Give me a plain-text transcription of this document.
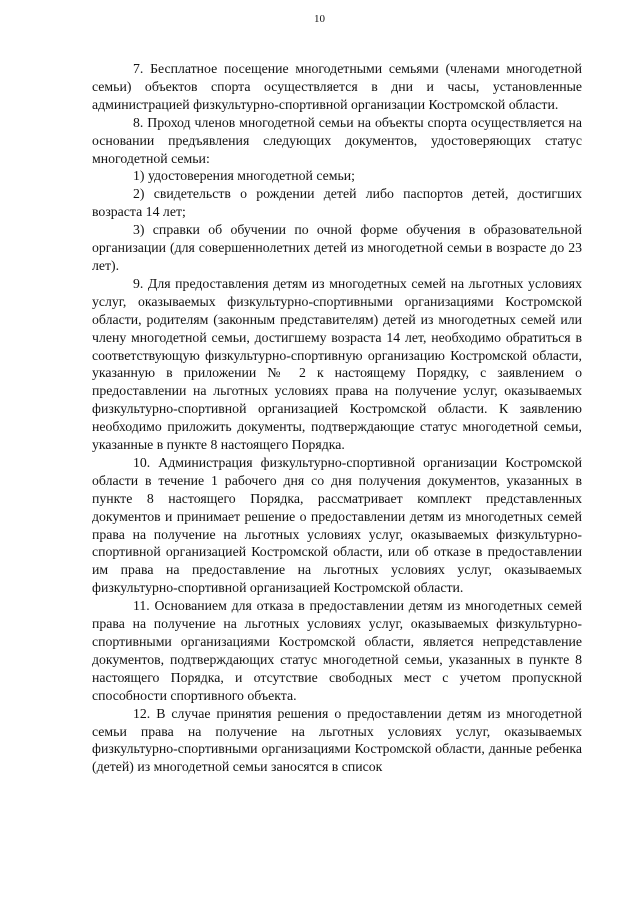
10

7. Бесплатное посещение многодетными семьями (членами многодетной семьи) объектов спорта осуществляется в дни и часы, установленные администрацией физкультурно-спортивной организации Костромской области.

8. Проход членов многодетной семьи на объекты спорта осуществляется на основании предъявления следующих документов, удостоверяющих статус многодетной семьи:

1) удостоверения многодетной семьи;

2) свидетельств о рождении детей либо паспортов детей, достигших возраста 14 лет;

3) справки об обучении по очной форме обучения в образовательной организации (для совершеннолетних детей из многодетной семьи в возрасте до 23 лет).

9. Для предоставления детям из многодетных семей на льготных условиях услуг, оказываемых физкультурно-спортивными организациями Костромской области, родителям (законным представителям) детей из многодетных семей или члену многодетной семьи, достигшему возраста 14 лет, необходимо обратиться в соответствующую физкультурно-спортивную организацию Костромской области, указанную в приложении № 2 к настоящему Порядку, с заявлением о предоставлении на льготных условиях права на получение услуг, оказываемых физкультурно-спортивной организацией Костромской области. К заявлению необходимо приложить документы, подтверждающие статус многодетной семьи, указанные в пункте 8 настоящего Порядка.

10. Администрация физкультурно-спортивной организации Костромской области в течение 1 рабочего дня со дня получения документов, указанных в пункте 8 настоящего Порядка, рассматривает комплект представленных документов и принимает решение о предоставлении детям из многодетных семей права на получение на льготных условиях услуг, оказываемых физкультурно-спортивной организацией Костромской области, или об отказе в предоставлении им права на предоставление на льготных условиях услуг, оказываемых физкультурно-спортивной организацией Костромской области.

11. Основанием для отказа в предоставлении детям из многодетных семей права на получение на льготных условиях услуг, оказываемых физкультурно-спортивными организациями Костромской области, является непредставление документов, подтверждающих статус многодетной семьи, указанных в пункте 8 настоящего Порядка, и отсутствие свободных мест с учетом пропускной способности спортивного объекта.

12. В случае принятия решения о предоставлении детям из многодетной семьи права на получение на льготных условиях услуг, оказываемых физкультурно-спортивными организациями Костромской области, данные ребенка (детей) из многодетной семьи заносятся в список
